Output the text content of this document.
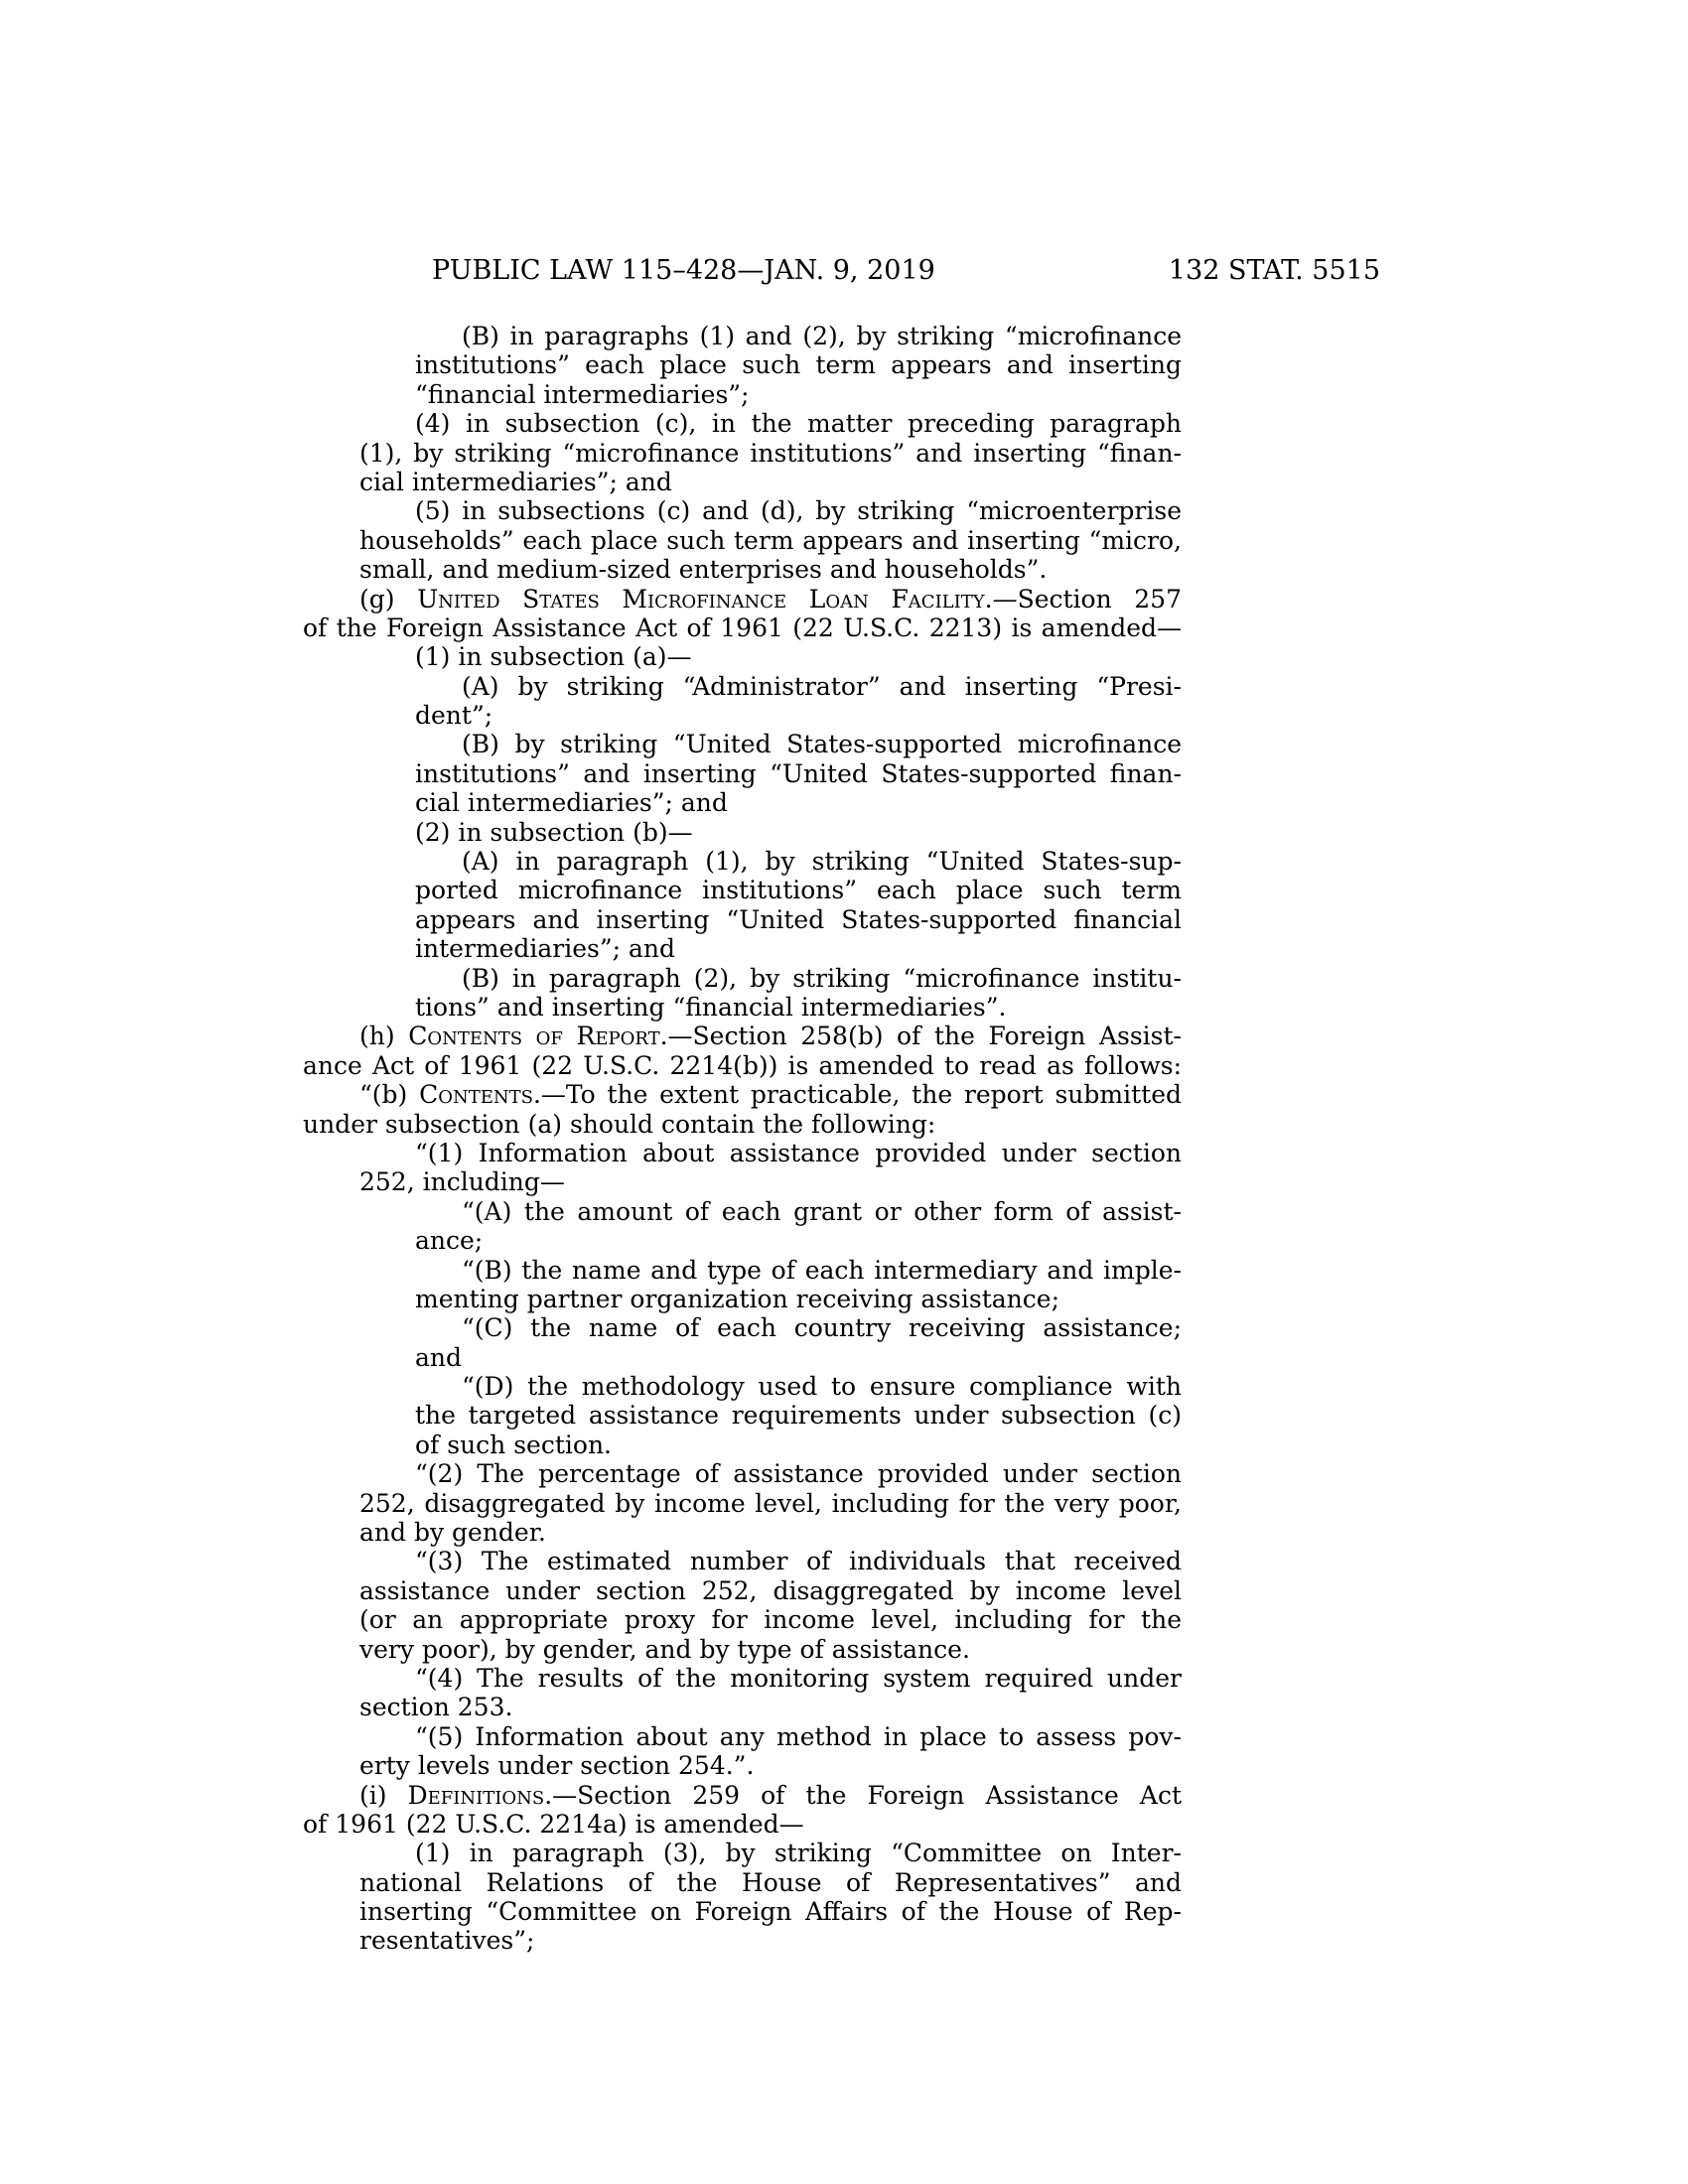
PUBLIC LAW 115–428—JAN. 9, 2019	132 STAT. 5515
(B) in paragraphs (1) and (2), by striking “microfinance
institutions” each place such term appears and inserting
“financial intermediaries”;
(4) in subsection (c), in the matter preceding paragraph
(1), by striking “microfinance institutions” and inserting “finan-
cial intermediaries”; and
(5) in subsections (c) and (d), by striking “microenterprise
households” each place such term appears and inserting “micro,
small, and medium-sized enterprises and households”.
(g) United States Microfinance Loan Facility.—Section 257
of the Foreign Assistance Act of 1961 (22 U.S.C. 2213) is amended—
(1) in subsection (a)—
(A) by striking “Administrator” and inserting “Presi-
dent”;
(B) by striking “United States-supported microfinance
institutions” and inserting “United States-supported finan-
cial intermediaries”; and
(2) in subsection (b)—
(A) in paragraph (1), by striking “United States-sup-
ported microfinance institutions” each place such term
appears and inserting “United States-supported financial
intermediaries”; and
(B) in paragraph (2), by striking “microfinance institu-
tions” and inserting “financial intermediaries”.
(h) Contents of Report.—Section 258(b) of the Foreign Assist-
ance Act of 1961 (22 U.S.C. 2214(b)) is amended to read as follows:
“(b) Contents.—To the extent practicable, the report submitted
under subsection (a) should contain the following:
“(1) Information about assistance provided under section
252, including—
“(A) the amount of each grant or other form of assist-
ance;
“(B) the name and type of each intermediary and imple-
menting partner organization receiving assistance;
“(C) the name of each country receiving assistance;
and
“(D) the methodology used to ensure compliance with
the targeted assistance requirements under subsection (c)
of such section.
“(2) The percentage of assistance provided under section
252, disaggregated by income level, including for the very poor,
and by gender.
“(3) The estimated number of individuals that received
assistance under section 252, disaggregated by income level
(or an appropriate proxy for income level, including for the
very poor), by gender, and by type of assistance.
“(4) The results of the monitoring system required under
section 253.
“(5) Information about any method in place to assess pov-
erty levels under section 254.”.
(i) Definitions.—Section 259 of the Foreign Assistance Act
of 1961 (22 U.S.C. 2214a) is amended—
(1) in paragraph (3), by striking “Committee on Inter-
national Relations of the House of Representatives” and
inserting “Committee on Foreign Affairs of the House of Rep-
resentatives”;
